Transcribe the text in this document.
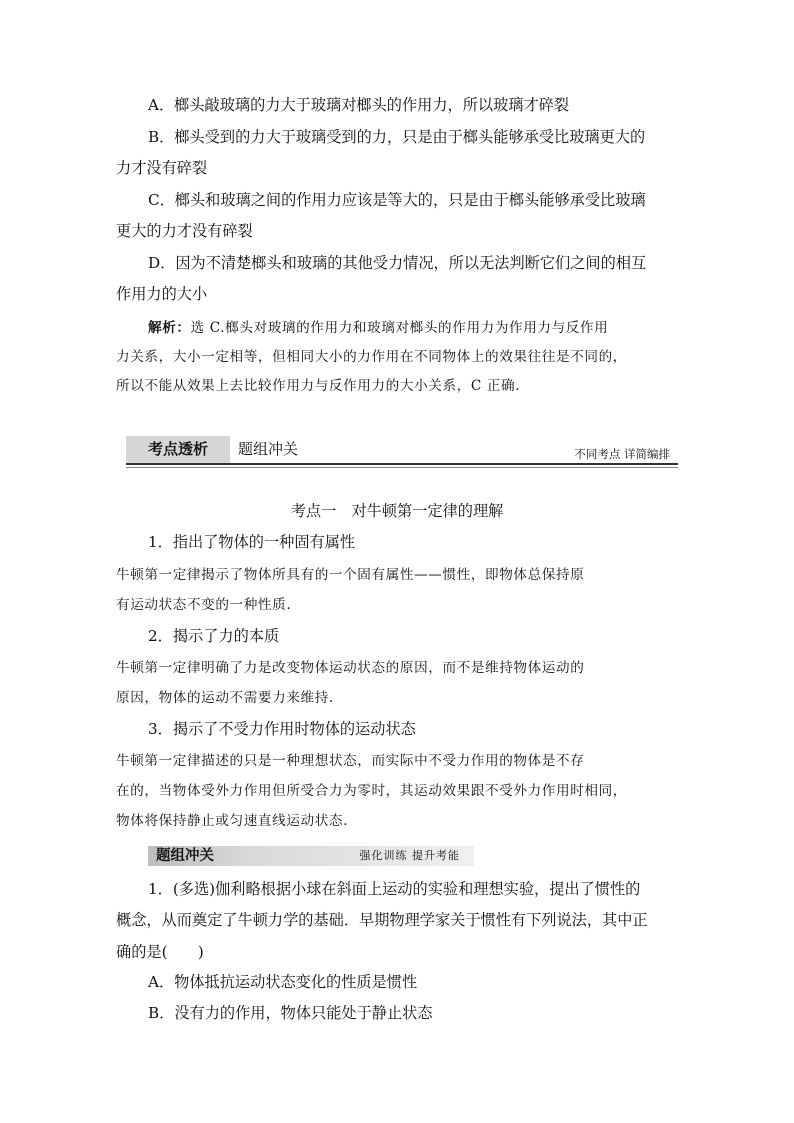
A．榔头敲玻璃的力大于玻璃对榔头的作用力，所以玻璃才碎裂
B．榔头受到的力大于玻璃受到的力，只是由于榔头能够承受比玻璃更大的
力才没有碎裂
C．榔头和玻璃之间的作用力应该是等大的，只是由于榔头能够承受比玻璃
更大的力才没有碎裂
D．因为不清楚榔头和玻璃的其他受力情况，所以无法判断它们之间的相互
作用力的大小
解析：选 C.榔头对玻璃的作用力和玻璃对榔头的作用力为作用力与反作用
力关系，大小一定相等，但相同大小的力作用在不同物体上的效果往往是不同的，
所以不能从效果上去比较作用力与反作用力的大小关系，C 正确.
考点透析	题组冲关	不同考点 详简编排
考点一　对牛顿第一定律的理解
1．指出了物体的一种固有属性
牛顿第一定律揭示了物体所具有的一个固有属性——惯性，即物体总保持原
有运动状态不变的一种性质.
2．揭示了力的本质
牛顿第一定律明确了力是改变物体运动状态的原因，而不是维持物体运动的
原因，物体的运动不需要力来维持.
3．揭示了不受力作用时物体的运动状态
牛顿第一定律描述的只是一种理想状态，而实际中不受力作用的物体是不存
在的，当物体受外力作用但所受合力为零时，其运动效果跟不受外力作用时相同，
物体将保持静止或匀速直线运动状态.
题组冲关	强化训练 提升考能
1．(多选)伽利略根据小球在斜面上运动的实验和理想实验，提出了惯性的
概念，从而奠定了牛顿力学的基础．早期物理学家关于惯性有下列说法，其中正
确的是(　　)
A．物体抵抗运动状态变化的性质是惯性
B．没有力的作用，物体只能处于静止状态
